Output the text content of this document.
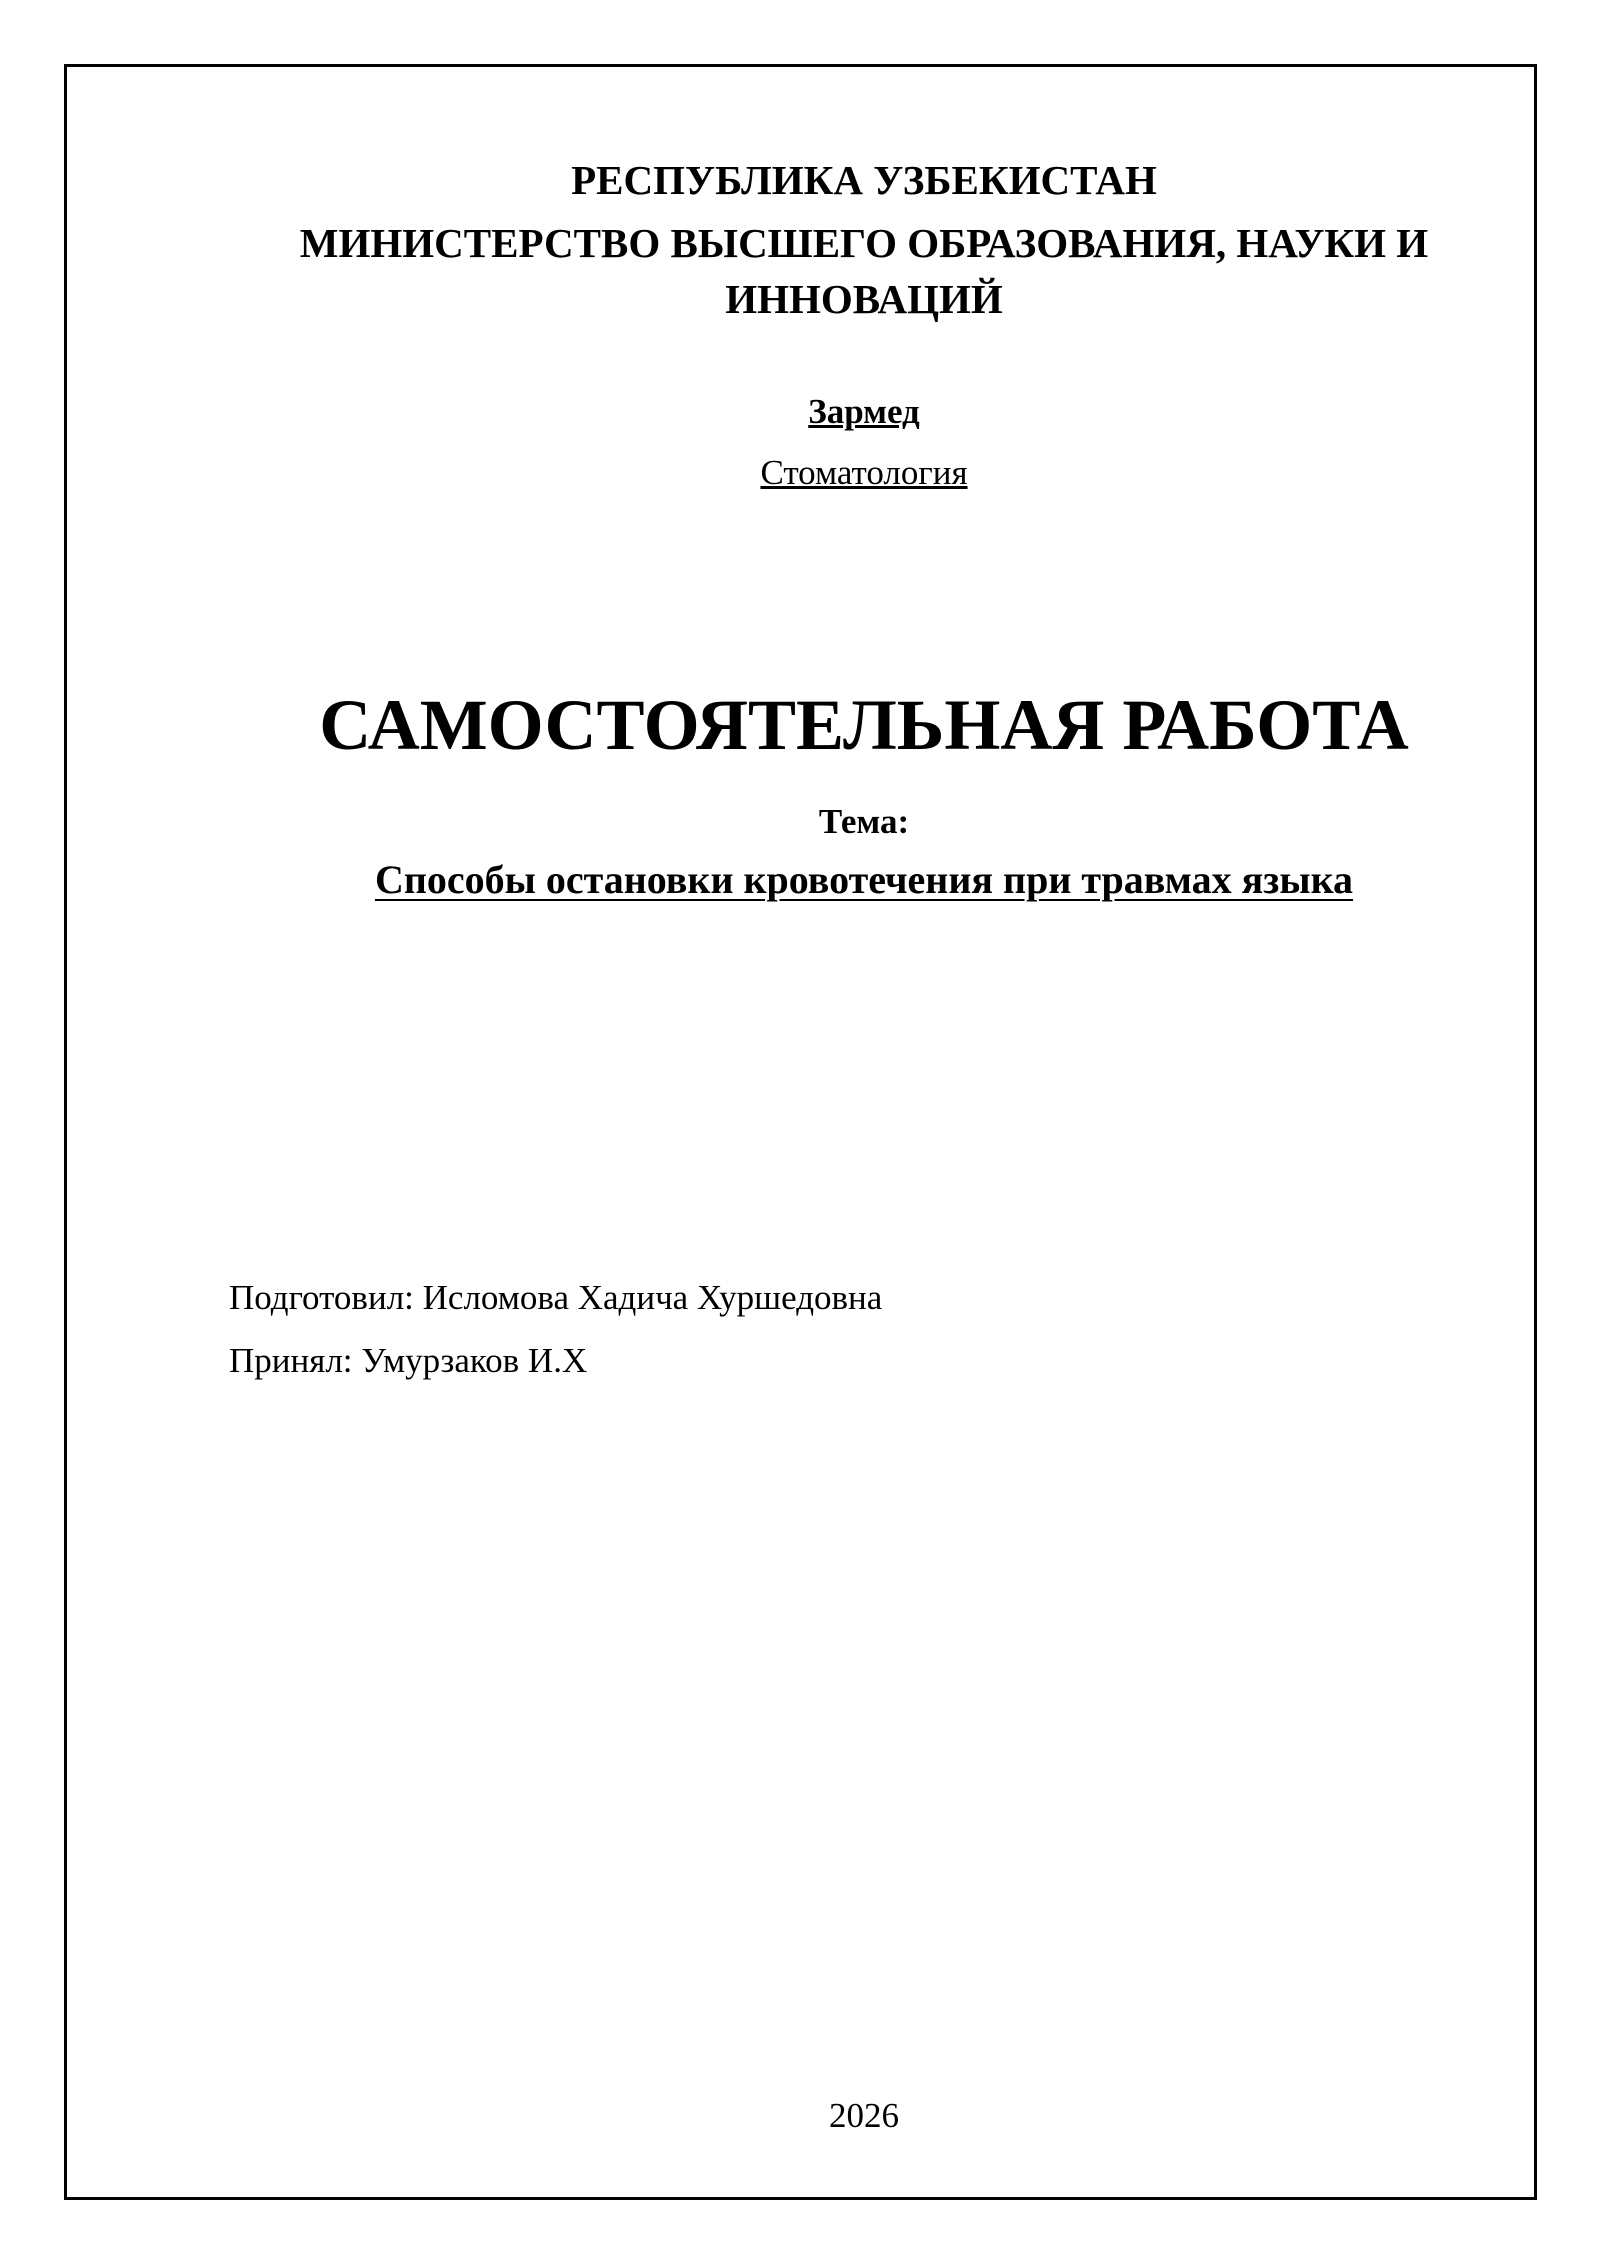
РЕСПУБЛИКА УЗБЕКИСТАН
МИНИСТЕРСТВО ВЫСШЕГО ОБРАЗОВАНИЯ, НАУКИ И
ИННОВАЦИЙ
Зармед
Стоматология
САМОСТОЯТЕЛЬНАЯ РАБОТА
Тема:
Способы остановки кровотечения при травмах языка
Подготовил: Исломова Хадича Хуршедовна
Принял: Умурзаков И.Х
2026
